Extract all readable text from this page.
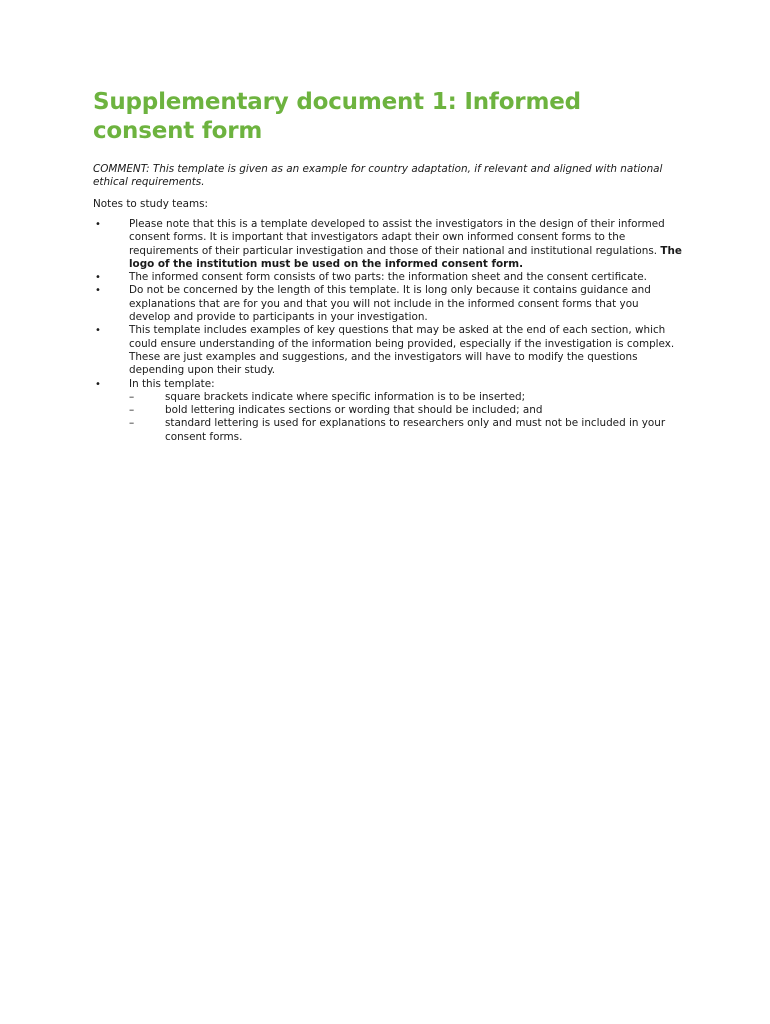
Supplementary document 1: Informed consent form

COMMENT: This template is given as an example for country adaptation, if relevant and aligned with national ethical requirements.

Notes to study teams:

•	Please note that this is a template developed to assist the investigators in the design of their informed consent forms. It is important that investigators adapt their own informed consent forms to the requirements of their particular investigation and those of their national and institutional regulations. The logo of the institution must be used on the informed consent form.
•	The informed consent form consists of two parts: the information sheet and the consent certificate.
•	Do not be concerned by the length of this template. It is long only because it contains guidance and explanations that are for you and that you will not include in the informed consent forms that you develop and provide to participants in your investigation.
•	This template includes examples of key questions that may be asked at the end of each section, which could ensure understanding of the information being provided, especially if the investigation is complex. These are just examples and suggestions, and the investigators will have to modify the questions depending upon their study.
•	In this template:
–	square brackets indicate where specific information is to be inserted;
–	bold lettering indicates sections or wording that should be included; and
–	standard lettering is used for explanations to researchers only and must not be included in your consent forms.
